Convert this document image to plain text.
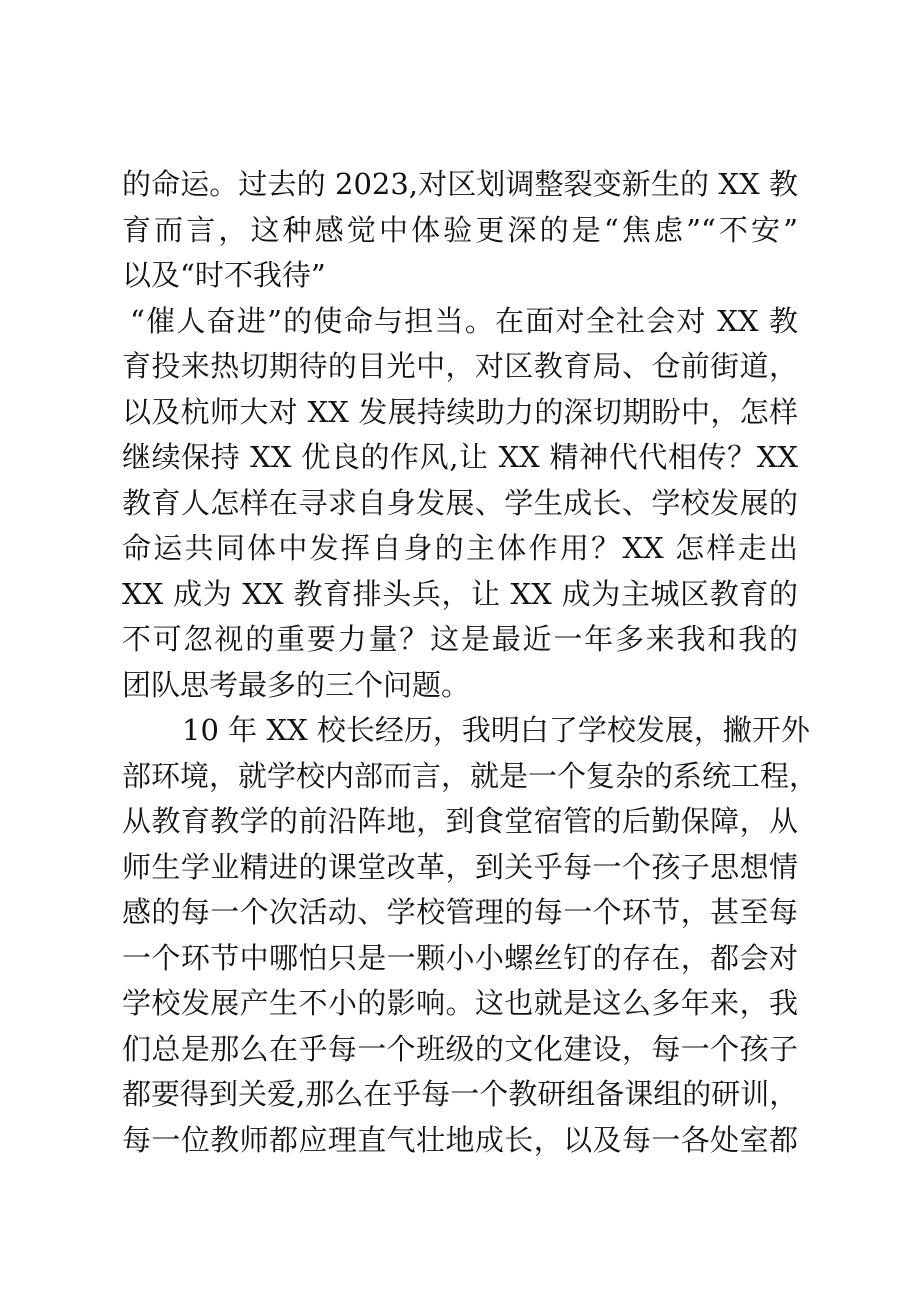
的命运。过去的 2023,对区划调整裂变新生的 XX 教
育而言，这种感觉中体验更深的是“焦虑”“不安”
以及“时不我待”
“催人奋进”的使命与担当。在面对全社会对 XX 教
育投来热切期待的目光中，对区教育局、仓前街道，
以及杭师大对 XX 发展持续助力的深切期盼中，怎样
继续保持 XX 优良的作风,让 XX 精神代代相传？XX
教育人怎样在寻求自身发展、学生成长、学校发展的
命运共同体中发挥自身的主体作用？XX 怎样走出
XX 成为 XX 教育排头兵，让 XX 成为主城区教育的
不可忽视的重要力量？这是最近一年多来我和我的
团队思考最多的三个问题。
10 年 XX 校长经历，我明白了学校发展，撇开外
部环境，就学校内部而言，就是一个复杂的系统工程，
从教育教学的前沿阵地，到食堂宿管的后勤保障，从
师生学业精进的课堂改革，到关乎每一个孩子思想情
感的每一个次活动、学校管理的每一个环节，甚至每
一个环节中哪怕只是一颗小小螺丝钉的存在，都会对
学校发展产生不小的影响。这也就是这么多年来，我
们总是那么在乎每一个班级的文化建设，每一个孩子
都要得到关爱,那么在乎每一个教研组备课组的研训，
每一位教师都应理直气壮地成长，以及每一各处室都
